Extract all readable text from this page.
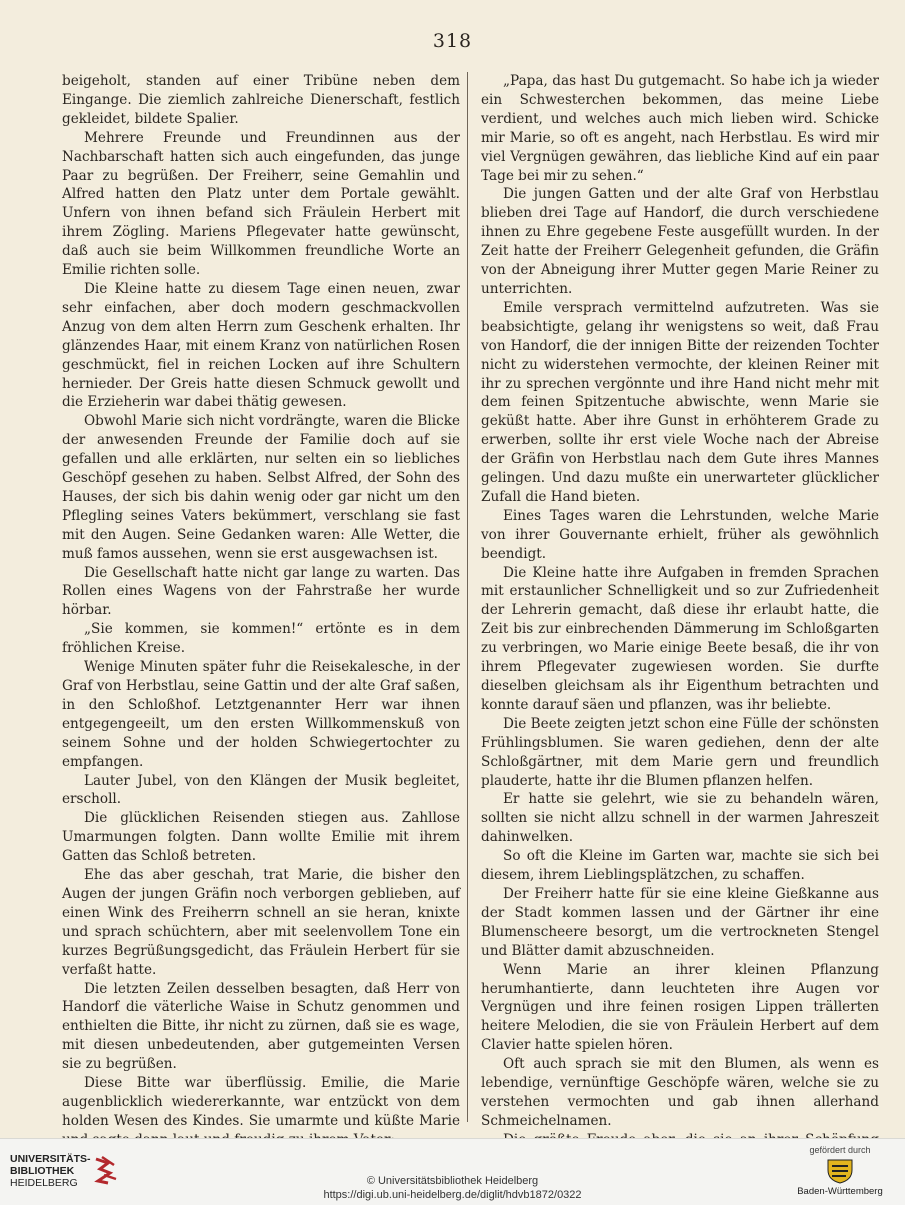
318

beigeholt, standen auf einer Tribüne neben dem Eingange. Die ziemlich zahlreiche Dienerschaft, festlich gekleidet, bildete Spalier.

Mehrere Freunde und Freundinnen aus der Nachbarschaft hatten sich auch eingefunden, das junge Paar zu begrüßen. Der Freiherr, seine Gemahlin und Alfred hatten den Platz unter dem Portale gewählt. Unfern von ihnen befand sich Fräulein Herbert mit ihrem Zögling. Mariens Pflegevater hatte gewünscht, daß auch sie beim Willkommen freundliche Worte an Emilie richten solle.

Die Kleine hatte zu diesem Tage einen neuen, zwar sehr einfachen, aber doch modern geschmackvollen Anzug von dem alten Herrn zum Geschenk erhalten. Ihr glänzendes Haar, mit einem Kranz von natürlichen Rosen geschmückt, fiel in reichen Locken auf ihre Schultern hernieder. Der Greis hatte diesen Schmuck gewollt und die Erzieherin war dabei thätig gewesen.

Obwohl Marie sich nicht vordrängte, waren die Blicke der anwesenden Freunde der Familie doch auf sie gefallen und alle erklärten, nur selten ein so liebliches Geschöpf gesehen zu haben. Selbst Alfred, der Sohn des Hauses, der sich bis dahin wenig oder gar nicht um den Pflegling seines Vaters bekümmert, verschlang sie fast mit den Augen. Seine Gedanken waren: Alle Wetter, die muß famos aussehen, wenn sie erst ausgewachsen ist.

Die Gesellschaft hatte nicht gar lange zu warten. Das Rollen eines Wagens von der Fahrstraße her wurde hörbar.

„Sie kommen, sie kommen!“ ertönte es in dem fröhlichen Kreise.

Wenige Minuten später fuhr die Reisekalesche, in der Graf von Herbstlau, seine Gattin und der alte Graf saßen, in den Schloßhof. Letztgenannter Herr war ihnen entgegengeeilt, um den ersten Willkommenskuß von seinem Sohne und der holden Schwiegertochter zu empfangen.

Lauter Jubel, von den Klängen der Musik begleitet, erscholl.

Die glücklichen Reisenden stiegen aus. Zahllose Umarmungen folgten. Dann wollte Emilie mit ihrem Gatten das Schloß betreten.

Ehe das aber geschah, trat Marie, die bisher den Augen der jungen Gräfin noch verborgen geblieben, auf einen Wink des Freiherrn schnell an sie heran, knixte und sprach schüchtern, aber mit seelenvollem Tone ein kurzes Begrüßungsgedicht, das Fräulein Herbert für sie verfaßt hatte.

Die letzten Zeilen desselben besagten, daß Herr von Handorf die väterliche Waise in Schutz genommen und enthielten die Bitte, ihr nicht zu zürnen, daß sie es wage, mit diesen unbedeutenden, aber gutgemeinten Versen sie zu begrüßen.

Diese Bitte war überflüssig. Emilie, die Marie augenblicklich wiedererkannte, war entzückt von dem holden Wesen des Kindes. Sie umarmte und küßte Marie

„Papa, das hast Du gutgemacht. So habe ich ja wieder ein Schwesterchen bekommen, das meine Liebe verdient, und welches auch mich lieben wird. Schicke mir Marie, so oft es angeht, nach Herbstlau. Es wird mir viel Vergnügen gewähren, das liebliche Kind auf ein paar Tage bei mir zu sehen.“

Die jungen Gatten und der alte Graf von Herbstlau blieben drei Tage auf Handorf, die durch verschiedene ihnen zu Ehre gegebene Feste ausgefüllt wurden. In der Zeit hatte der Freiherr Gelegenheit gefunden, die Gräfin von der Abneigung ihrer Mutter gegen Marie Reiner zu unterrichten.

Emile versprach vermittelnd aufzutreten. Was sie beabsichtigte, gelang ihr wenigstens so weit, daß Frau von Handorf, die der innigen Bitte der reizenden Tochter nicht zu widerstehen vermochte, der kleinen Reiner mit ihr zu sprechen vergönnte und ihre Hand nicht mehr mit dem feinen Spitzentuche abwischte, wenn Marie sie geküßt hatte. Aber ihre Gunst in erhöhterem Grade zu erwerben, sollte ihr erst viele Woche nach der Abreise der Gräfin von Herbstlau nach dem Gute ihres Mannes gelingen. Und dazu mußte ein unerwarteter glücklicher Zufall die Hand bieten.

Eines Tages waren die Lehrstunden, welche Marie von ihrer Gouvernante erhielt, früher als gewöhnlich beendigt.

Die Kleine hatte ihre Aufgaben in fremden Sprachen mit erstaunlicher Schnelligkeit und so zur Zufriedenheit der Lehrerin gemacht, daß diese ihr erlaubt hatte, die Zeit bis zur einbrechenden Dämmerung im Schloßgarten zu verbringen, wo Marie einige Beete besaß, die ihr von ihrem Pflegevater zugewiesen worden. Sie durfte dieselben gleichsam als ihr Eigenthum betrachten und konnte darauf säen und pflanzen, was ihr beliebte.

Die Beete zeigten jetzt schon eine Fülle der schönsten Frühlingsblumen. Sie waren gediehen, denn der alte Schloßgärtner, mit dem Marie gern und freundlich plauderte, hatte ihr die Blumen pflanzen helfen.

Er hatte sie gelehrt, wie sie zu behandeln wären, sollten sie nicht allzu schnell in der warmen Jahreszeit dahinwelken.

So oft die Kleine im Garten war, machte sie sich bei diesem, ihrem Lieblingsplätzchen, zu schaffen.

Der Freiherr hatte für sie eine kleine Gießkanne aus der Stadt kommen lassen und der Gärtner ihr eine Blumenscheere besorgt, um die vertrockneten Stengel und Blätter damit abzuschneiden.

Wenn Marie an ihrer kleinen Pflanzung herumhantierte, dann leuchteten ihre Augen vor Vergnügen und ihre feinen rosigen Lippen trällerten heitere Melodien, die sie von Fräulein Herbert auf dem Clavier hatte spielen hören.

Oft auch sprach sie mit den Blumen, als wenn es lebendige, vernünftige Geschöpfe wären, welche sie zu verstehen vermochten und gab ihnen allerhand Schmeichelnamen.

UNIVERSITÄTS-
BIBLIOTHEK
HEIDELBERG	© Universitätsbibliothek Heidelberg
https://digi.ub.uni-heidelberg.de/diglit/hdvb1872/0322
gefördert durch
Baden-Württemberg
